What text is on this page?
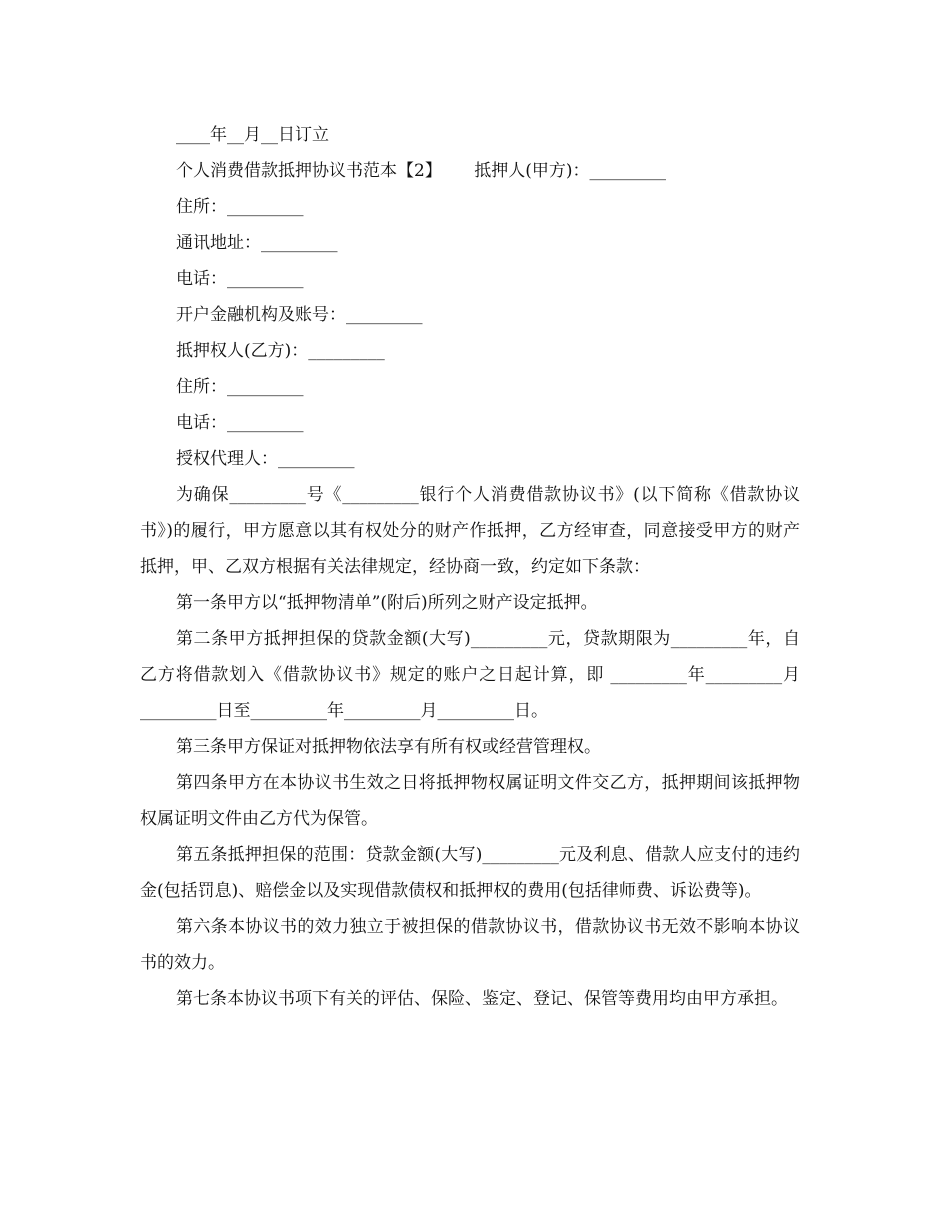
____年__月__日订立

个人消费借款抵押协议书范本【2】      抵押人(甲方)：_________

住所：_________

通讯地址：_________

电话：_________

开户金融机构及账号：_________

抵押权人(乙方)：_________

住所：_________

电话：_________

授权代理人：_________

为确保_________号《_________银行个人消费借款协议书》(以下简称《借款协议书》)的履行，甲方愿意以其有权处分的财产作抵押，乙方经审查，同意接受甲方的财产抵押，甲、乙双方根据有关法律规定，经协商一致，约定如下条款：

第一条甲方以“抵押物清单”(附后)所列之财产设定抵押。

第二条甲方抵押担保的贷款金额(大写)_________元，贷款期限为_________年，自乙方将借款划入《借款协议书》规定的账户之日起计算，即 _________年_________月_________日至_________年_________月_________日。

第三条甲方保证对抵押物依法享有所有权或经营管理权。

第四条甲方在本协议书生效之日将抵押物权属证明文件交乙方，抵押期间该抵押物权属证明文件由乙方代为保管。

第五条抵押担保的范围：贷款金额(大写)_________元及利息、借款人应支付的违约金(包括罚息)、赔偿金以及实现借款债权和抵押权的费用(包括律师费、诉讼费等)。

第六条本协议书的效力独立于被担保的借款协议书，借款协议书无效不影响本协议书的效力。

第七条本协议书项下有关的评估、保险、鉴定、登记、保管等费用均由甲方承担。
